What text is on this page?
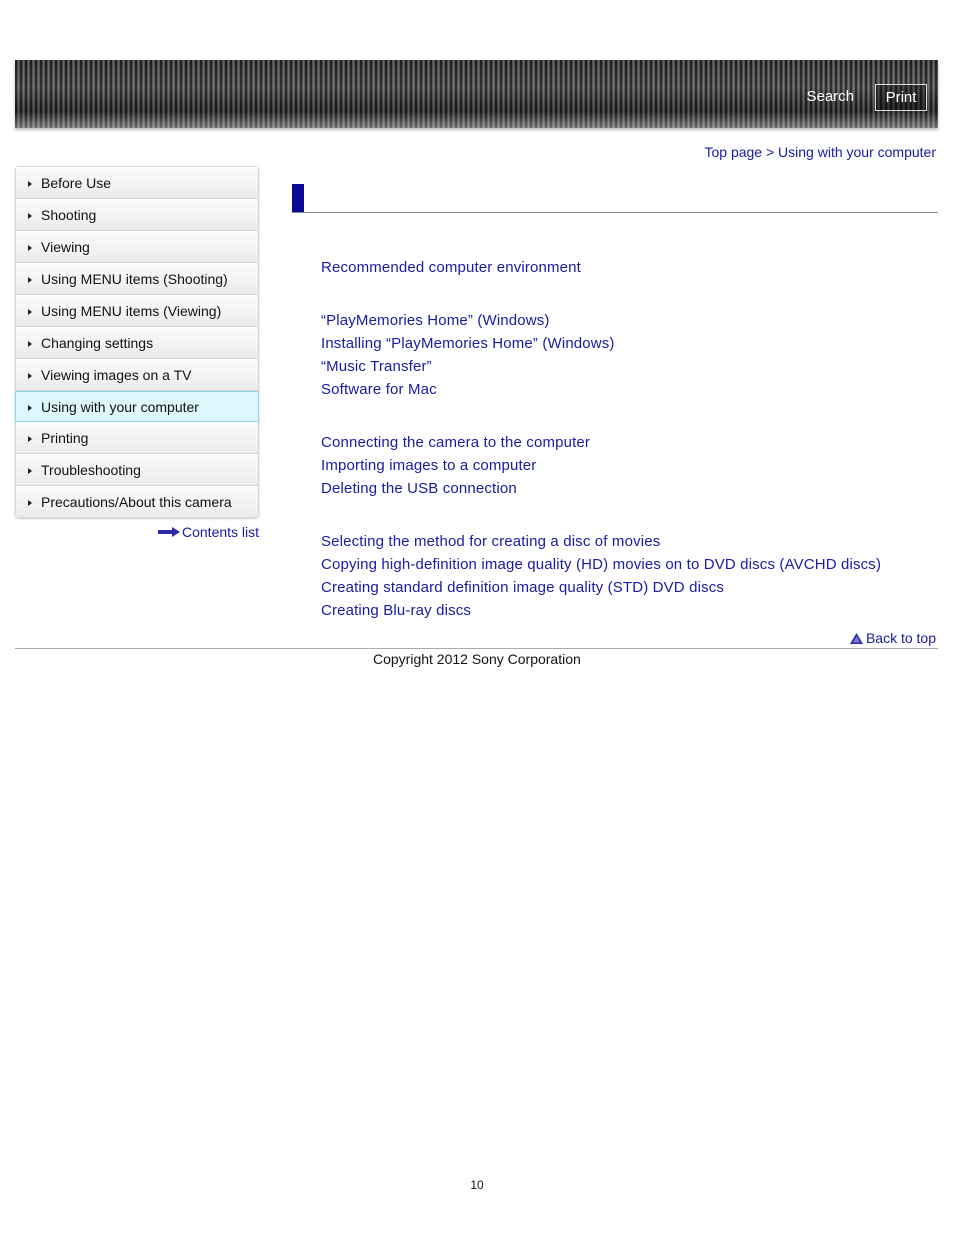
Search	Print
Top page > Using with your computer
Before Use
Shooting
Viewing
Using MENU items (Shooting)
Using MENU items (Viewing)
Changing settings
Viewing images on a TV
Using with your computer
Printing
Troubleshooting
Precautions/About this camera
Contents list
Recommended computer environment
“PlayMemories Home” (Windows)
Installing “PlayMemories Home” (Windows)
“Music Transfer”
Software for Mac
Connecting the camera to the computer
Importing images to a computer
Deleting the USB connection
Selecting the method for creating a disc of movies
Copying high-definition image quality (HD) movies on to DVD discs (AVCHD discs)
Creating standard definition image quality (STD) DVD discs
Creating Blu-ray discs
Back to top
Copyright 2012 Sony Corporation
10
